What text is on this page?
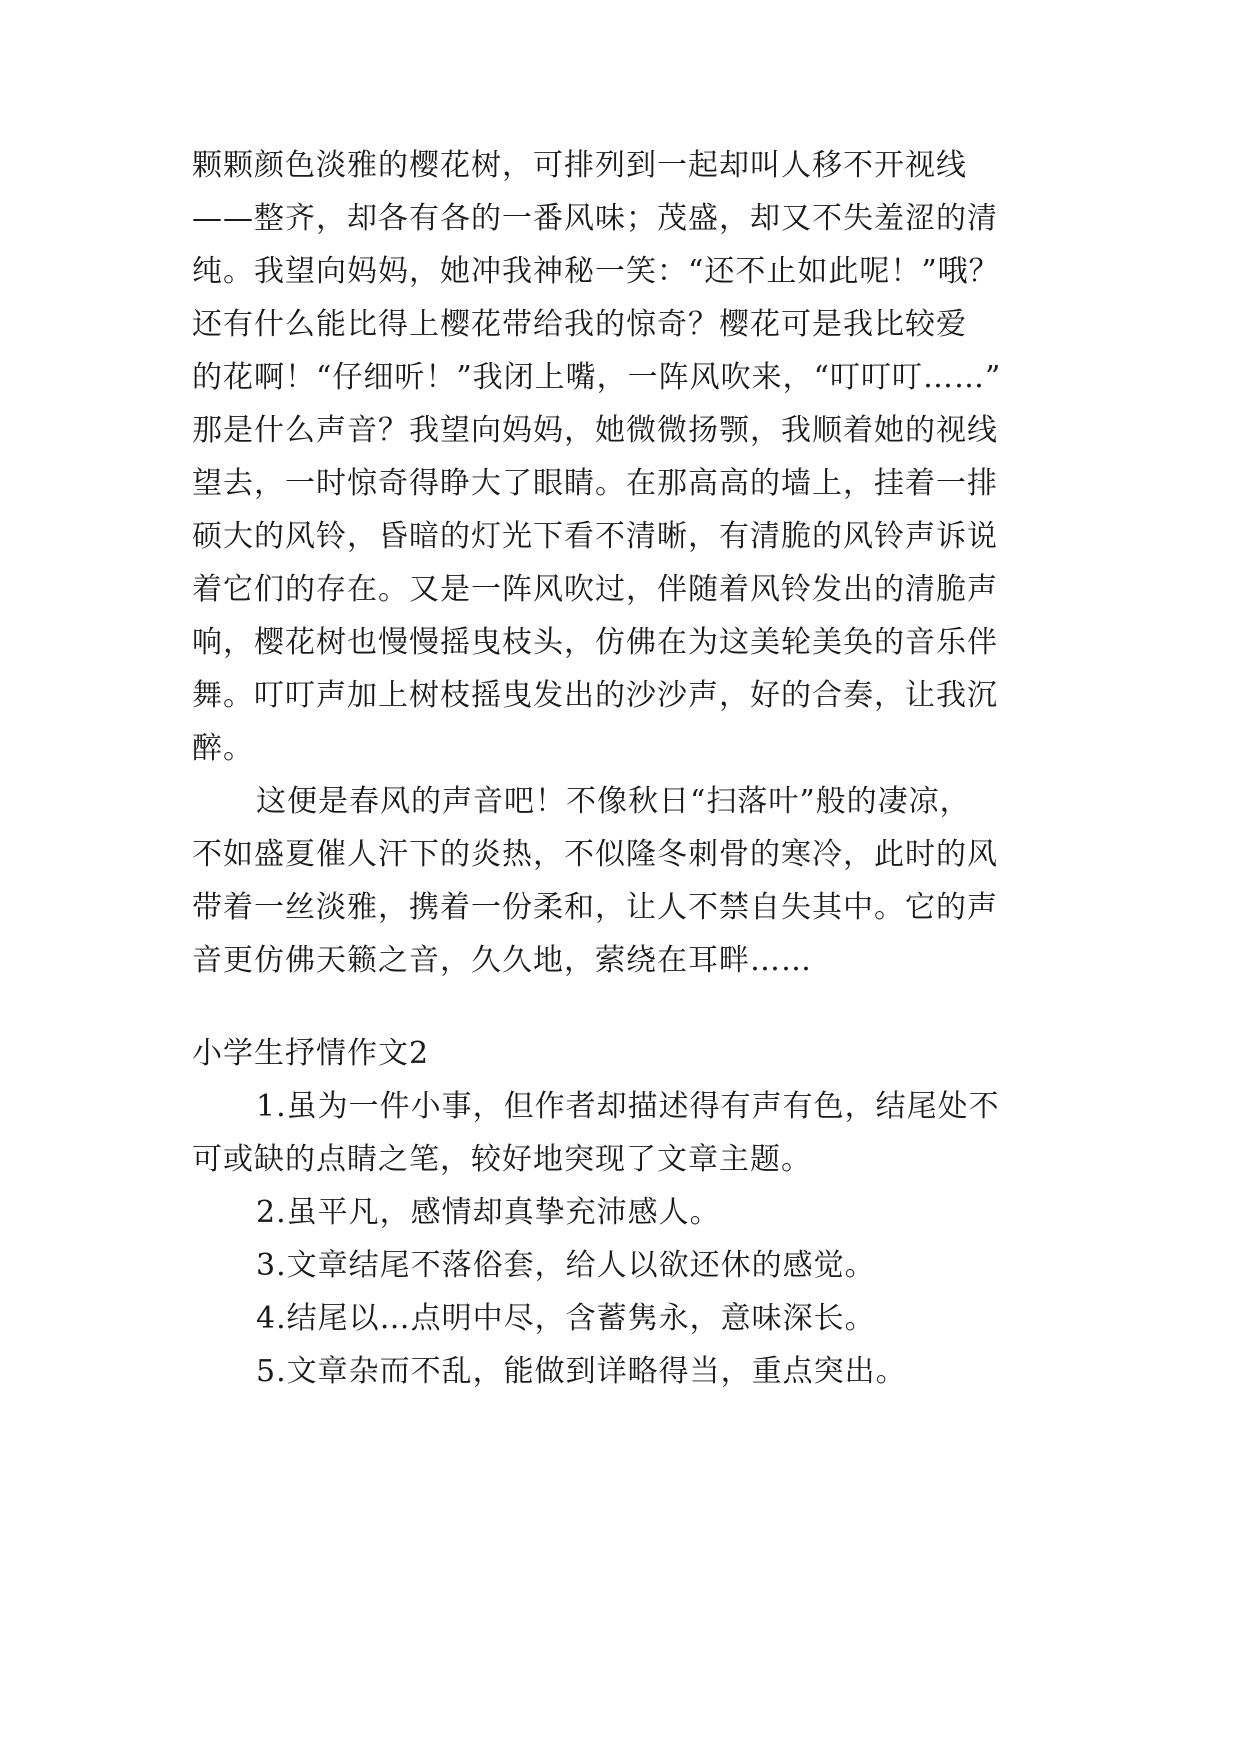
颗颗颜色淡雅的樱花树，可排列到一起却叫人移不开视线
——整齐，却各有各的一番风味；茂盛，却又不失羞涩的清
纯。我望向妈妈，她冲我神秘一笑：“还不止如此呢！”哦？
还有什么能比得上樱花带给我的惊奇？樱花可是我比较爱
的花啊！“仔细听！”我闭上嘴，一阵风吹来，“叮叮叮……”
那是什么声音？我望向妈妈，她微微扬颚，我顺着她的视线
望去，一时惊奇得睁大了眼睛。在那高高的墙上，挂着一排
硕大的风铃，昏暗的灯光下看不清晰，有清脆的风铃声诉说
着它们的存在。又是一阵风吹过，伴随着风铃发出的清脆声
响，樱花树也慢慢摇曳枝头，仿佛在为这美轮美奂的音乐伴
舞。叮叮声加上树枝摇曳发出的沙沙声，好的合奏，让我沉
醉。
这便是春风的声音吧！不像秋日“扫落叶”般的凄凉，
不如盛夏催人汗下的炎热，不似隆冬刺骨的寒冷，此时的风
带着一丝淡雅，携着一份柔和，让人不禁自失其中。它的声
音更仿佛天籁之音，久久地，萦绕在耳畔……
小学生抒情作文2
1.虽为一件小事，但作者却描述得有声有色，结尾处不
可或缺的点睛之笔，较好地突现了文章主题。
2.虽平凡，感情却真挚充沛感人。
3.文章结尾不落俗套，给人以欲还休的感觉。
4.结尾以…点明中尽，含蓄隽永，意味深长。
5.文章杂而不乱，能做到详略得当，重点突出。
